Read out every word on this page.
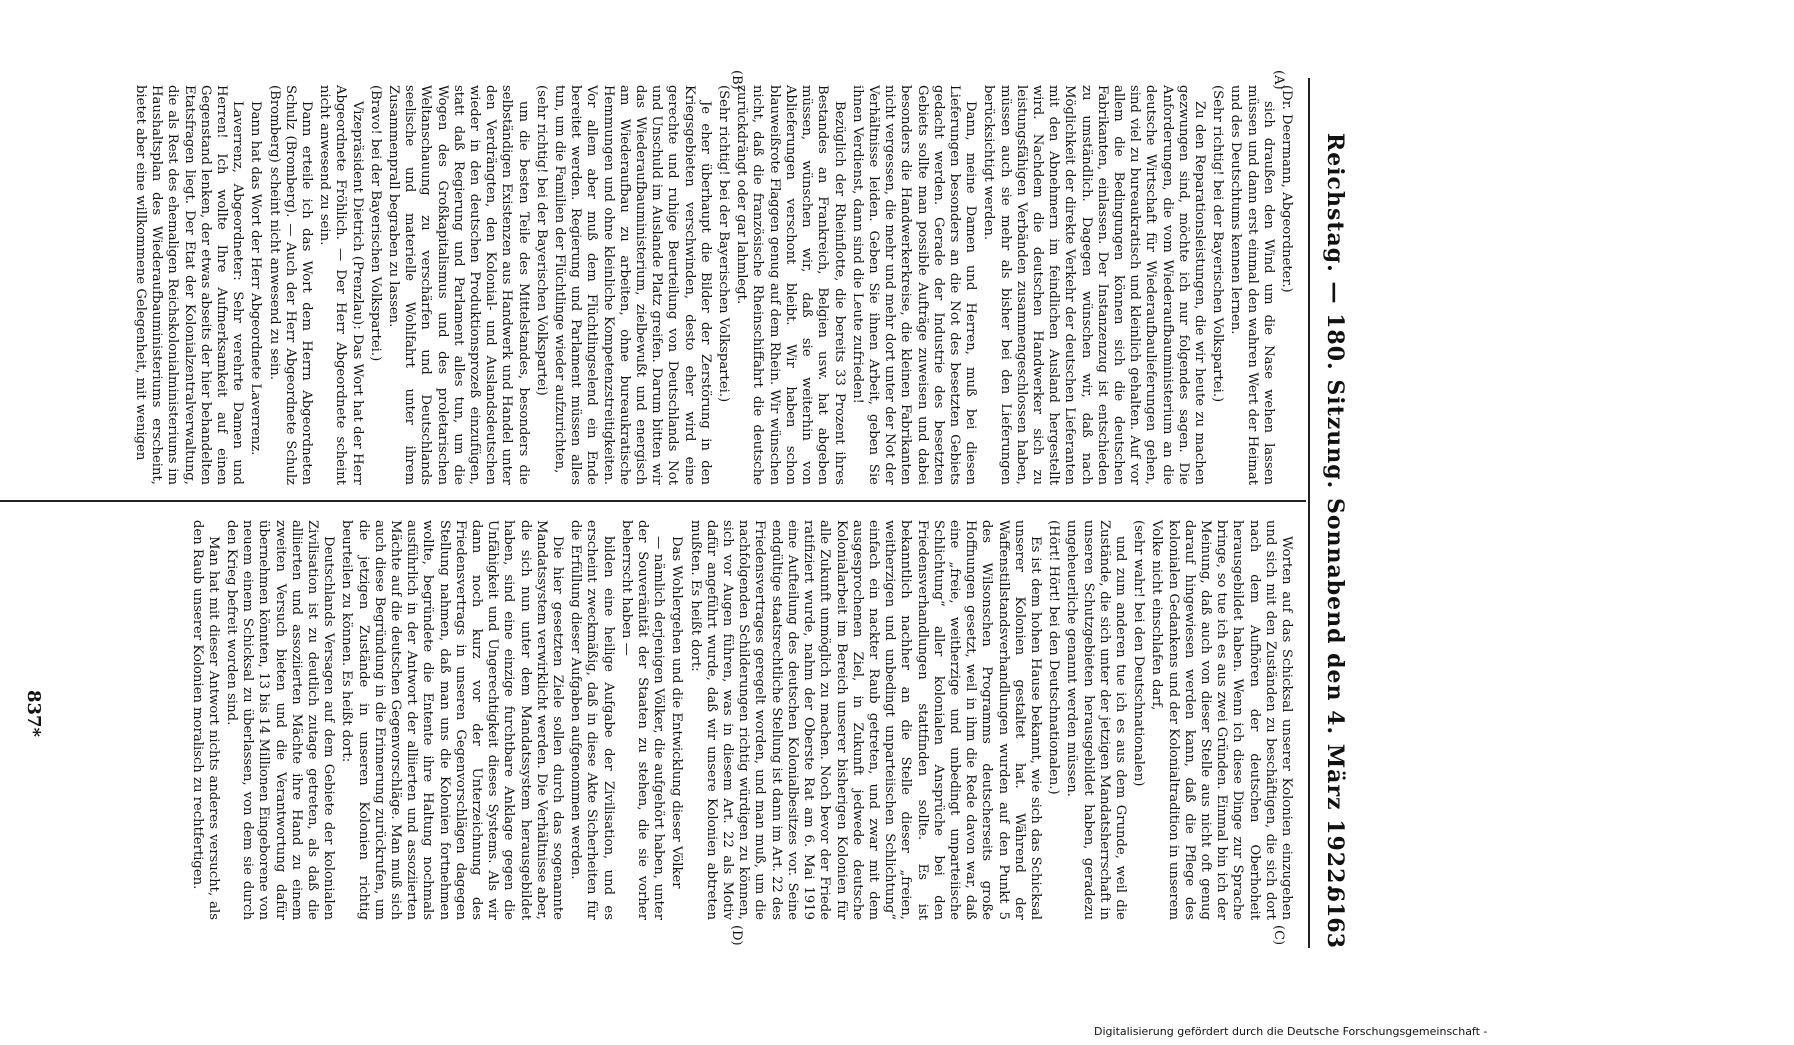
Reichstag. — 180. Sitzung. Sonnabend den 4. März 1922.
6163
(A)
(B)
(C)
(D)

(Dr. Deermann, Abgeordneter.)

sich draußen den Wind um die Nase wehen lassen müssen und dann erst einmal den wahren Wert der Heimat und des Deutschtums kennen lernen.

(Sehr richtig! bei der Bayerischen Volkspartei.)

Zu den Reparationsleistungen, die wir heute zu machen gezwungen sind, möchte ich nur folgendes sagen. Die Anforderungen, die vom Wiederaufbauministerium an die deutsche Wirtschaft für Wiederaufbaulieferungen gehen, sind viel zu bureaukratisch und kleinlich gehalten. Auf vor allem die Bedingungen können sich die deutschen Fabrikanten, einlassen. Der Instanzenzug ist entschieden zu umständlich. Dagegen wünschen wir, daß nach Möglichkeit der direkte Verkehr der deutschen Lieferanten mit den Abnehmern im feindlichen Ausland hergestellt wird. Nachdem die deutschen Handwerker sich zu leistungsfähigen Verbänden zusammengeschlossen haben, müssen auch sie mehr als bisher bei den Lieferungen berücksichtigt werden.

Dann, meine Damen und Herren, muß bei diesen Lieferungen besonders an die Not des besetzten Gebiets gedacht werden. Gerade der Industrie des besetzten Gebiets sollte man possible Aufträge zuweisen und dabei besonders die Handwerkerkreise, die kleinen Fabrikanten nicht vergessen, die mehr und mehr dort unter der Not der Verhältnisse leiden. Geben Sie ihnen Arbeit, geben Sie ihnen Verdienst, dann sind die Leute zufrieden!

Bezüglich der Rheinflotte, die bereits 33 Prozent ihres Bestandes an Frankreich, Belgien usw. hat abgeben müssen, wünschen wir, daß sie weiterhin von Ablieferungen verschont bleibt. Wir haben schon blauweißrote Flaggen genug auf dem Rhein. Wir wünschen nicht, daß die französische Rheinschiffahrt die deutsche zurückdrängt oder gar lahmlegt.

(Sehr richtig! bei der Bayerischen Volkspartei.)

Je eher überhaupt die Bilder der Zerstörung in den Kriegsgebieten verschwinden, desto eher wird eine gerechte und ruhige Beurteilung von Deutschlands Not und Unschuld im Auslande Platz greifen. Darum bitten wir das Wiederaufbauministerium, zielbewußt und energisch am Wiederaufbau zu arbeiten, ohne bureaukratische Hemmungen und ohne kleinliche Kompetenzstreitigkeiten. Vor allem aber muß dem Flüchtlingselend ein Ende bereitet werden. Regierung und Parlament müssen alles tun, um die Familien der Flüchtlinge wieder aufzurichten,

(sehr richtig! bei der Bayerischen Volkspartei)

um die besten Teile des Mittelstandes, besonders die selbständigen Existenzen aus Handwerk und Handel unter den Verdrängten, den Kolonial- und Auslandsdeutschen wieder in den deutschen Produktionsprozeß einzufügen, statt daß Regierung und Parlament alles tun, um die Wogen des Großkapitalismus und des proletarischen Weltanschauung zu verschärfen und Deutschlands seelische und materielle Wohlfahrt unter ihrem Zusammenprall begraben zu lassen.

(Bravo! bei der Bayerischen Volkspartei.)

Vizepräsident Dietrich (Prenzlau): Das Wort hat der Herr Abgeordnete Fröhlich. — Der Herr Abgeordnete scheint nicht anwesend zu sein.

Dann erteile ich das Wort dem Herrn Abgeordneten Schulz (Bromberg). — Auch der Herr Abgeordnete Schulz (Bromberg) scheint nicht anwesend zu sein.

Dann hat das Wort der Herr Abgeordnete Laverrenz.

Laverrenz, Abgeordneter: Sehr verehrte Damen und Herren! Ich wollte Ihre Aufmerksamkeit auf einen Gegenstand lenken, der etwas abseits der hier behandelten Etatsfragen liegt. Der Etat der Kolonialzentralverwaltung, die als Rest des ehemaligen Reichskolonialministeriums im Haushaltsplan des Wiederaufbauministeriums erscheint, bietet aber eine willkommene Gelegenheit, mit wenigen

Worten auf das Schicksal unserer Kolonien einzugehen und sich mit den Zuständen zu beschäftigen, die sich dort nach dem Aufhören der deutschen Oberhoheit herausgebildet haben. Wenn ich diese Dinge zur Sprache bringe, so tue ich es aus zwei Gründen. Einmal bin ich der Meinung, daß auch von dieser Stelle aus nicht oft genug darauf hingewiesen werden kann, daß die Pflege des kolonialen Gedankens und der Kolonialtradition in unserem Volke nicht einschlafen darf,

(sehr wahr! bei den Deutschnationalen)

und zum anderen tue ich es aus dem Grunde, weil die Zustände, die sich unter der jetzigen Mandatsherrschaft in unseren Schutzgebieten herausgebildet haben, geradezu ungeheuerliche genannt werden müssen.

(Hört! Hört! bei den Deutschnationalen.)

Es ist dem hohen Hause bekannt, wie sich das Schicksal unserer Kolonien gestaltet hat. Während der Waffenstillstandsverhandlungen wurden auf den Punkt 5 des Wilsonschen Programms deutscherseits große Hoffnungen gesetzt, weil in ihm die Rede davon war, daß eine „freie, weitherzige und unbedingt unparteiische Schlichtung“ aller kolonialen Ansprüche bei den Friedensverhandlungen stattfinden sollte. Es ist bekanntlich nachher an die Stelle dieser „freien, weitherzigen und unbedingt unparteiischen Schlichtung“ einfach ein nackter Raub getreten, und zwar mit dem ausgesprochenen Ziel, in Zukunft jedwede deutsche Kolonialarbeit im Bereich unserer bisherigen Kolonien für alle Zukunft unmöglich zu machen. Noch bevor der Friede ratifiziert wurde, nahm der Oberste Rat am 6. Mai 1919 eine Aufteilung des deutschen Kolonialbesitzes vor. Seine endgültige staatsrechtliche Stellung ist dann im Art. 22 des Friedensvertrages geregelt worden, und man muß, um die nachfolgenden Schilderungen richtig würdigen zu können, sich vor Augen führen, was in diesem Art. 22 als Motiv dafür angeführt wurde, daß wir unsere Kolonien abtreten mußten. Es heißt dort:

Das Wohlergehen und die Entwicklung dieser Völker

— nämlich derjenigen Völker, die aufgehört haben, unter der Souveränität der Staaten zu stehen, die sie vorher beherrscht haben —

bilden eine heilige Aufgabe der Zivilisation, und es erscheint zweckmäßig, daß in diese Akte Sicherheiten für die Erfüllung dieser Aufgaben aufgenommen werden.

Die hier gesetzten Ziele sollen durch das sogenannte Mandatssystem verwirklicht werden. Die Verhältnisse aber, die sich nun unter dem Mandatssystem herausgebildet haben, sind eine einzige furchtbare Anklage gegen die Unfähigkeit und Ungerechtigkeit dieses Systems. Als wir dann noch kurz vor der Unterzeichnung des Friedensvertrags in unseren Gegenvorschlägen dagegen Stellung nahmen, daß man uns die Kolonien fortnehmen wollte, begründete die Entente ihre Haltung nochmals ausführlich in der Antwort der alliierten und assoziierten Mächte auf die deutschen Gegenvorschläge. Man muß sich auch diese Begründung in die Erinnerung zurückrufen, um die jetzigen Zustände in unseren Kolonien richtig beurteilen zu können. Es heißt dort:

Deutschlands Versagen auf dem Gebiete der kolonialen Zivilisation ist zu deutlich zutage getreten, als daß die alliierten und assoziierten Mächte ihre Hand zu einem zweiten Versuch bieten und die Verantwortung dafür übernehmen könnten, 13 bis 14 Millionen Eingeborene von neuem einem Schicksal zu überlassen, von dem sie durch den Krieg befreit worden sind.

Man hat mit dieser Antwort nichts anderes versucht, als den Raub unserer Kolonien moralisch zu rechtfertigen.

837*
Digitalisierung gefördert durch die Deutsche Forschungsgemeinschaft -
